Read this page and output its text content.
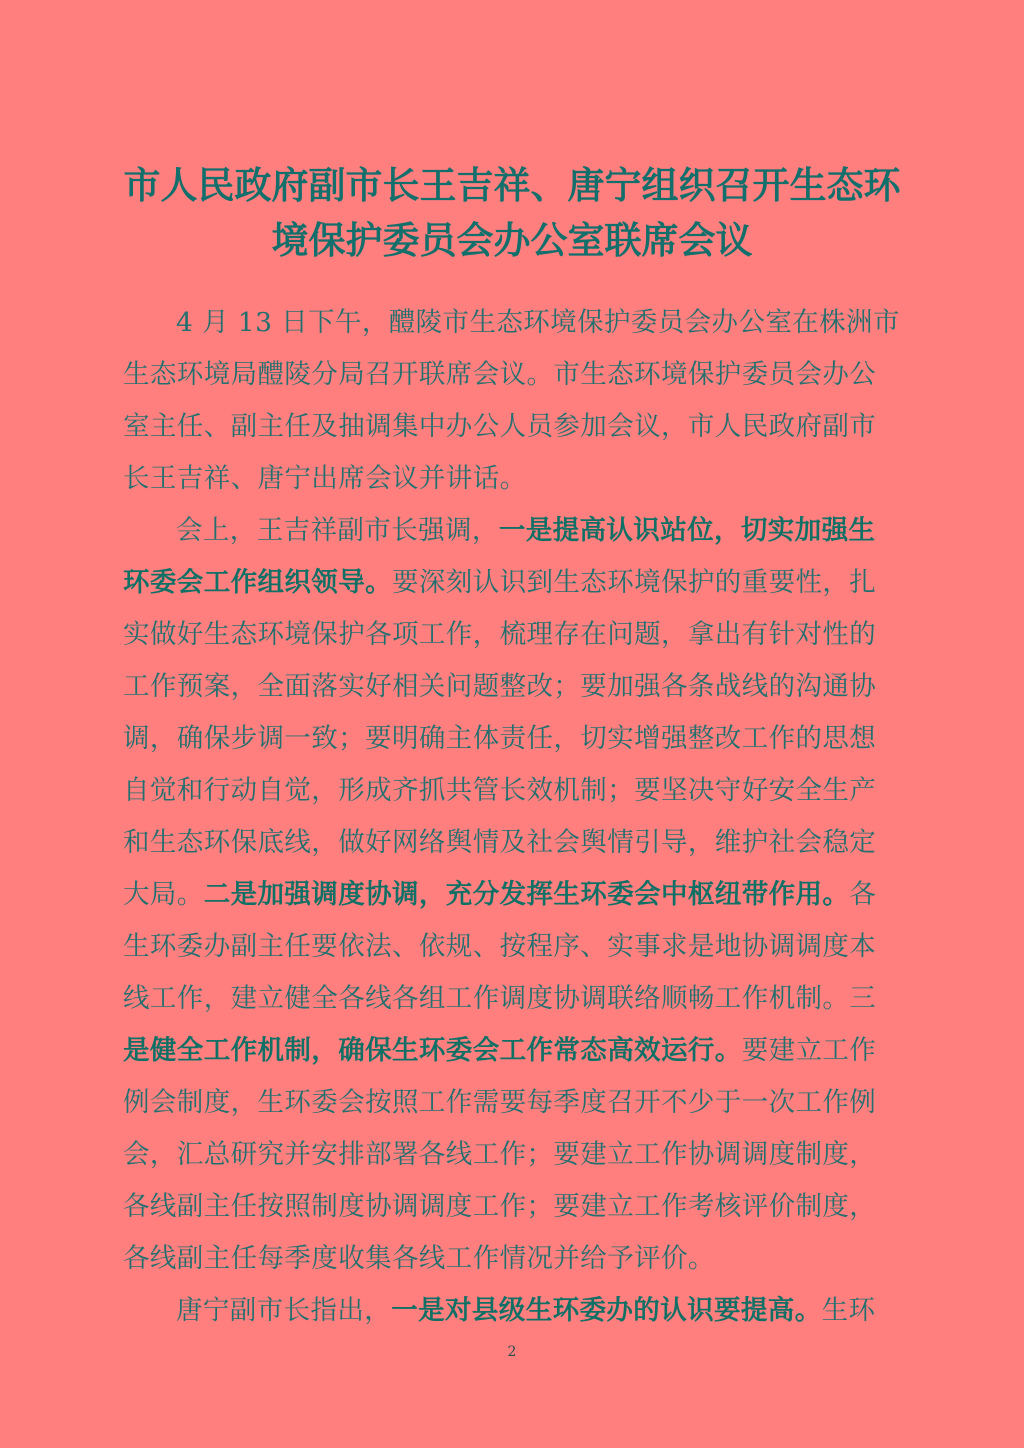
市人民政府副市长王吉祥、唐宁组织召开生态环
境保护委员会办公室联席会议

4 月 13 日下午，醴陵市生态环境保护委员会办公室在株洲市
生态环境局醴陵分局召开联席会议。市生态环境保护委员会办公
室主任、副主任及抽调集中办公人员参加会议，市人民政府副市
长王吉祥、唐宁出席会议并讲话。

会上，王吉祥副市长强调，一是提高认识站位，切实加强生
环委会工作组织领导。要深刻认识到生态环境保护的重要性，扎
实做好生态环境保护各项工作，梳理存在问题，拿出有针对性的
工作预案，全面落实好相关问题整改；要加强各条战线的沟通协
调，确保步调一致；要明确主体责任，切实增强整改工作的思想
自觉和行动自觉，形成齐抓共管长效机制；要坚决守好安全生产
和生态环保底线，做好网络舆情及社会舆情引导，维护社会稳定
大局。二是加强调度协调，充分发挥生环委会中枢纽带作用。各
生环委办副主任要依法、依规、按程序、实事求是地协调调度本
线工作，建立健全各线各组工作调度协调联络顺畅工作机制。三
是健全工作机制，确保生环委会工作常态高效运行。要建立工作
例会制度，生环委会按照工作需要每季度召开不少于一次工作例
会，汇总研究并安排部署各线工作；要建立工作协调调度制度，
各线副主任按照制度协调调度工作；要建立工作考核评价制度，
各线副主任每季度收集各线工作情况并给予评价。

唐宁副市长指出，一是对县级生环委办的认识要提高。生环

2
